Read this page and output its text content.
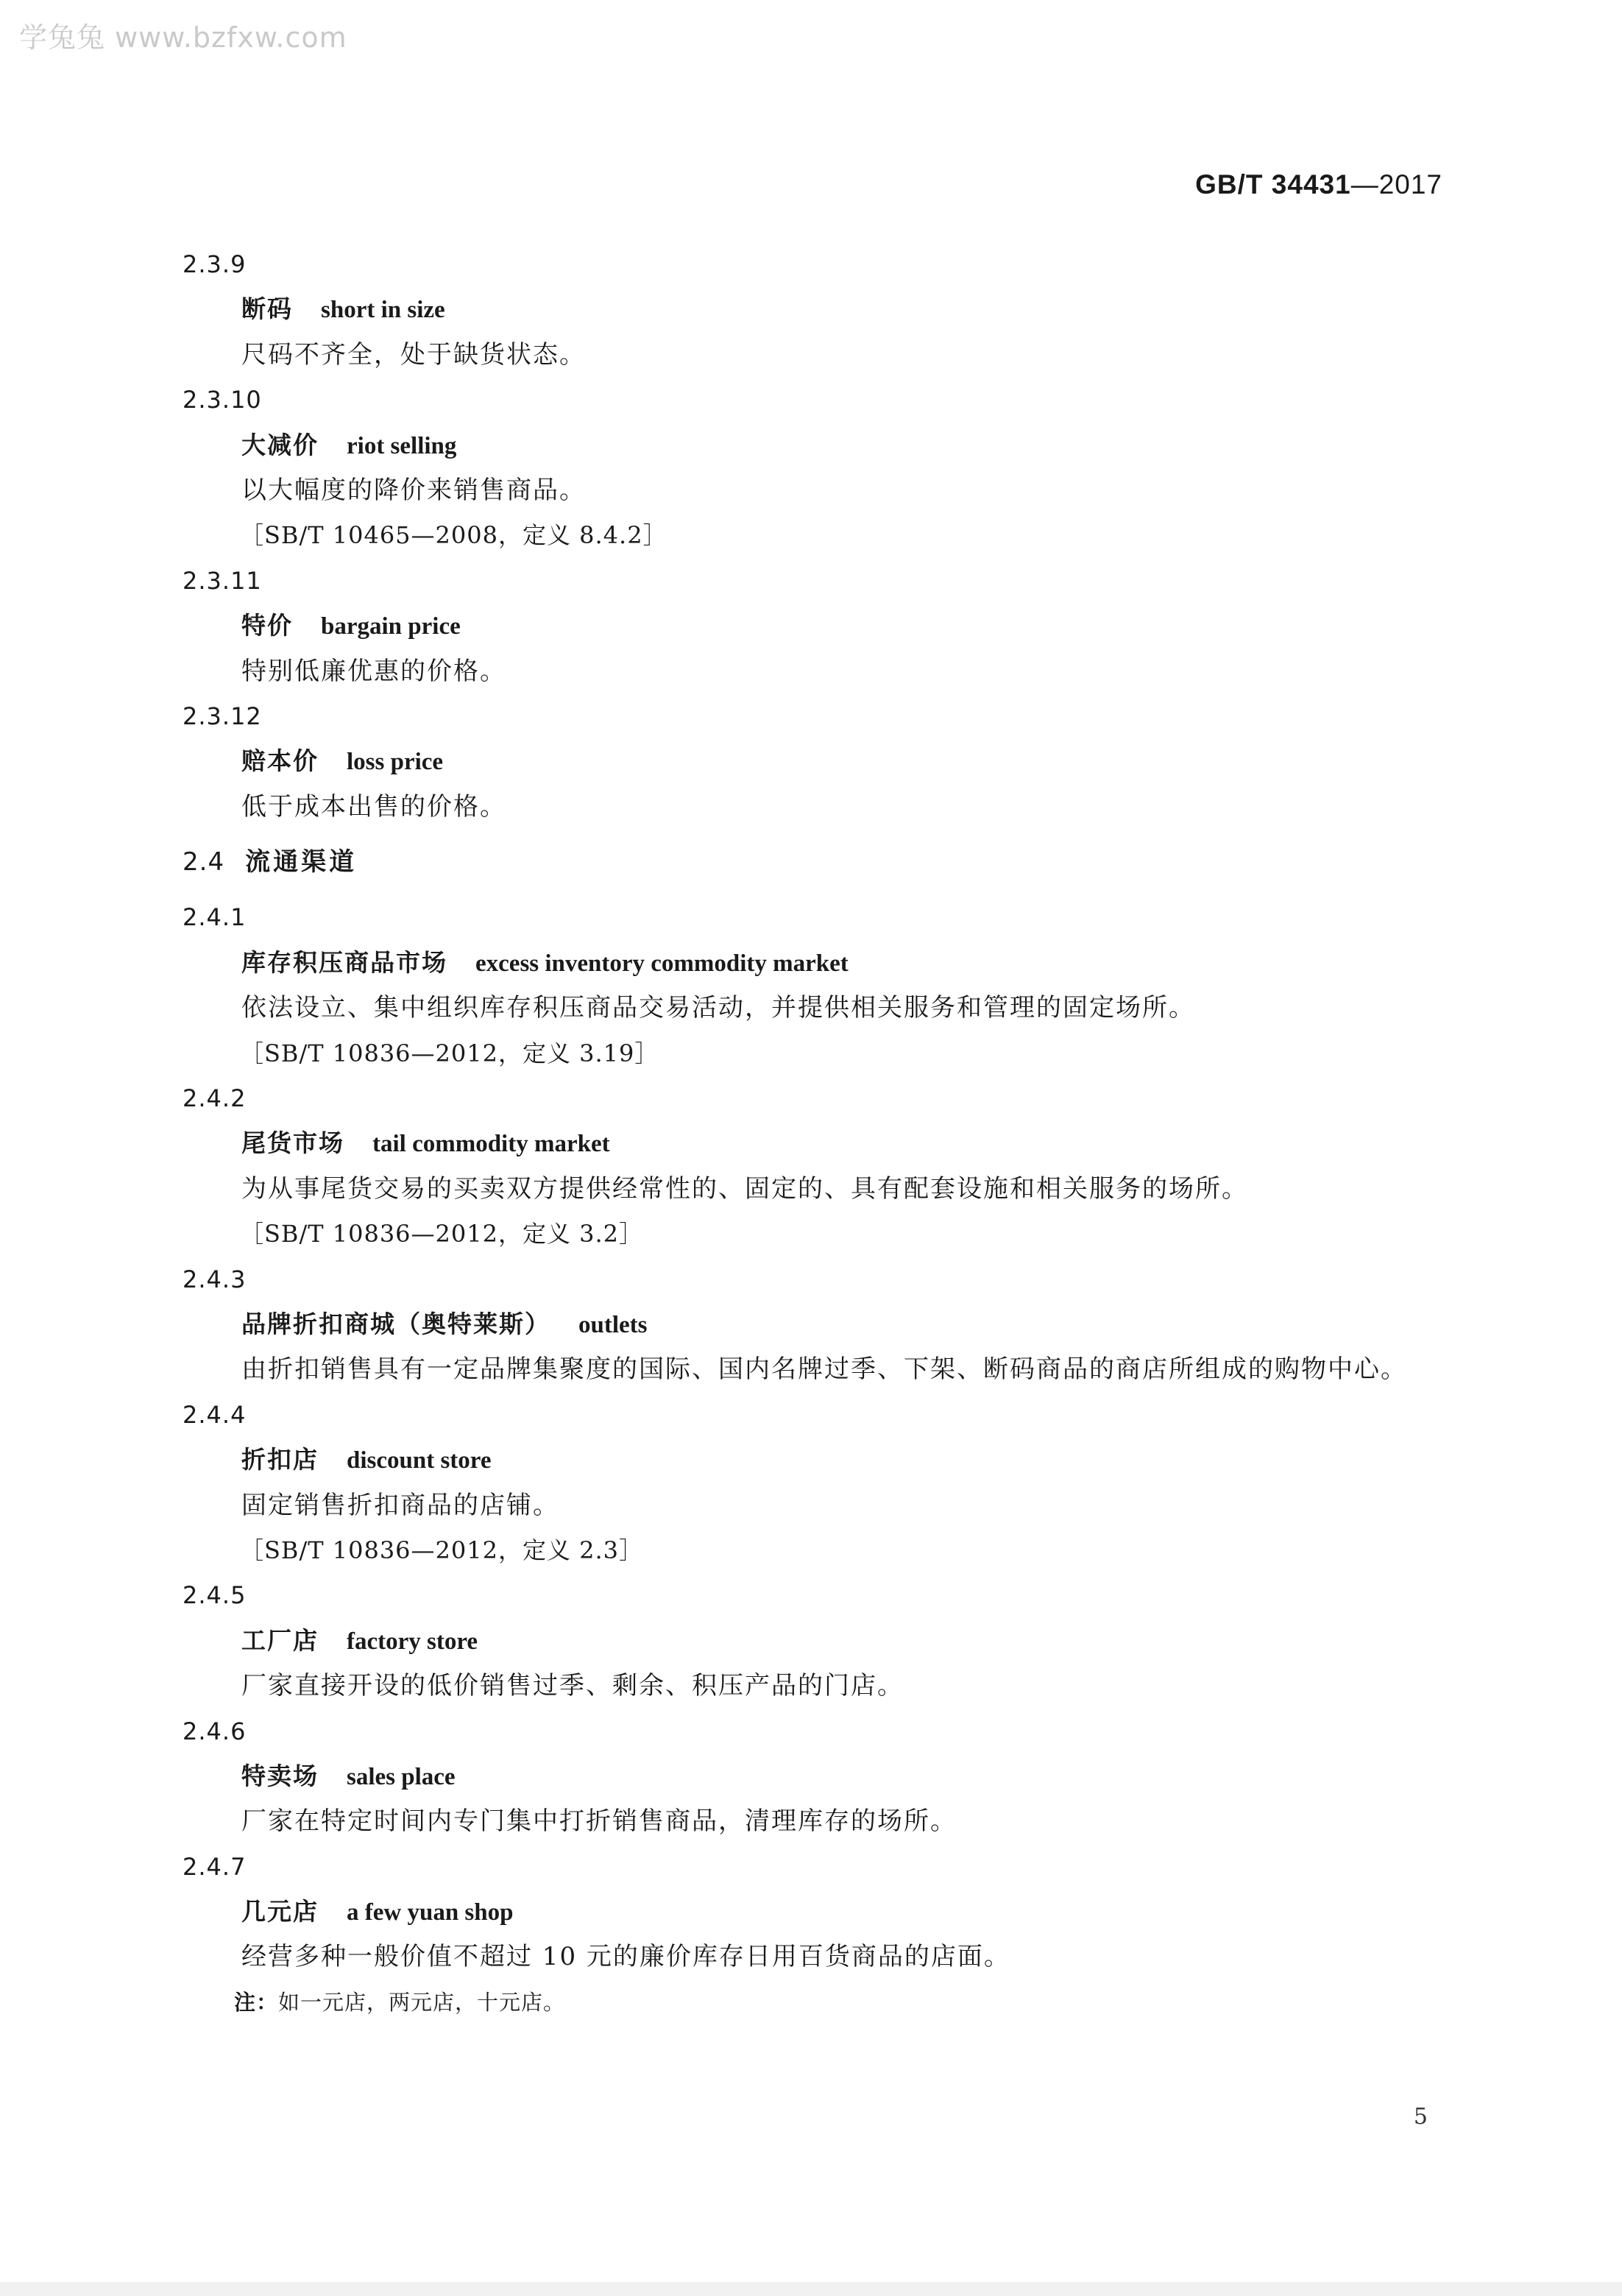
学兔兔 www.bzfxw.com
GB/T 34431—2017
2.3.9
断码 short in size
尺码不齐全，处于缺货状态。
2.3.10
大减价 riot selling
以大幅度的降价来销售商品。
［SB/T 10465—2008，定义 8.4.2］
2.3.11
特价 bargain price
特别低廉优惠的价格。
2.3.12
赔本价 loss price
低于成本出售的价格。
2.4 流通渠道
2.4.1
库存积压商品市场 excess inventory commodity market
依法设立、集中组织库存积压商品交易活动，并提供相关服务和管理的固定场所。
［SB/T 10836—2012，定义 3.19］
2.4.2
尾货市场 tail commodity market
为从事尾货交易的买卖双方提供经常性的、固定的、具有配套设施和相关服务的场所。
［SB/T 10836—2012，定义 3.2］
2.4.3
品牌折扣商城（奥特莱斯） outlets
由折扣销售具有一定品牌集聚度的国际、国内名牌过季、下架、断码商品的商店所组成的购物中心。
2.4.4
折扣店 discount store
固定销售折扣商品的店铺。
［SB/T 10836—2012，定义 2.3］
2.4.5
工厂店 factory store
厂家直接开设的低价销售过季、剩余、积压产品的门店。
2.4.6
特卖场 sales place
厂家在特定时间内专门集中打折销售商品，清理库存的场所。
2.4.7
几元店 a few yuan shop
经营多种一般价值不超过 10 元的廉价库存日用百货商品的店面。
注：如一元店，两元店，十元店。
5
